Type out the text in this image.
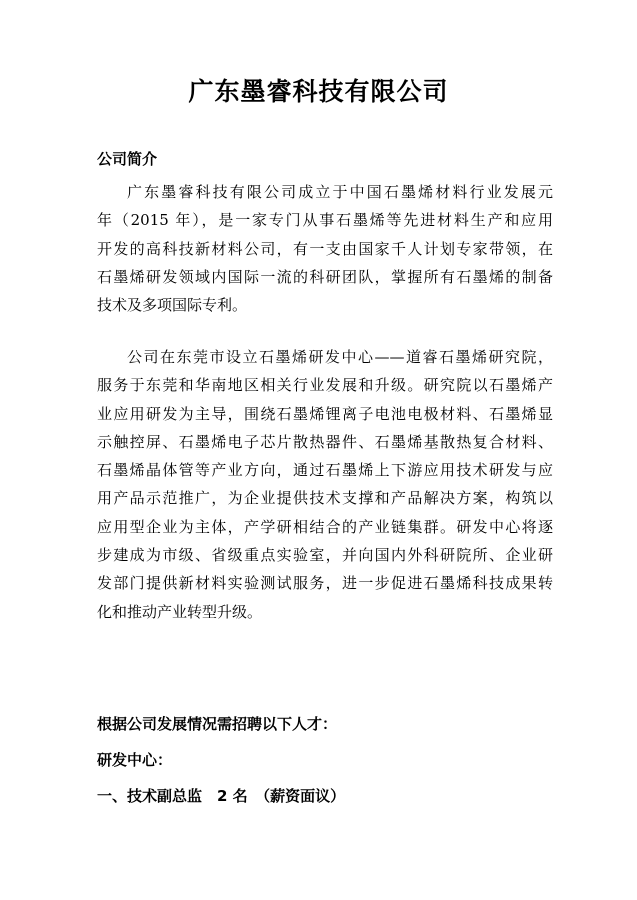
广东墨睿科技有限公司
公司简介
广东墨睿科技有限公司成立于中国石墨烯材料行业发展元
年（2015 年），是一家专门从事石墨烯等先进材料生产和应用
开发的高科技新材料公司，有一支由国家千人计划专家带领，在
石墨烯研发领域内国际一流的科研团队，掌握所有石墨烯的制备
技术及多项国际专利。
公司在东莞市设立石墨烯研发中心——道睿石墨烯研究院，
服务于东莞和华南地区相关行业发展和升级。研究院以石墨烯产
业应用研发为主导，围绕石墨烯锂离子电池电极材料、石墨烯显
示触控屏、石墨烯电子芯片散热器件、石墨烯基散热复合材料、
石墨烯晶体管等产业方向，通过石墨烯上下游应用技术研发与应
用产品示范推广，为企业提供技术支撑和产品解决方案，构筑以
应用型企业为主体，产学研相结合的产业链集群。研发中心将逐
步建成为市级、省级重点实验室，并向国内外科研院所、企业研
发部门提供新材料实验测试服务，进一步促进石墨烯科技成果转
化和推动产业转型升级。
根据公司发展情况需招聘以下人才：
研发中心：
一、技术副总监　2 名　（薪资面议）
